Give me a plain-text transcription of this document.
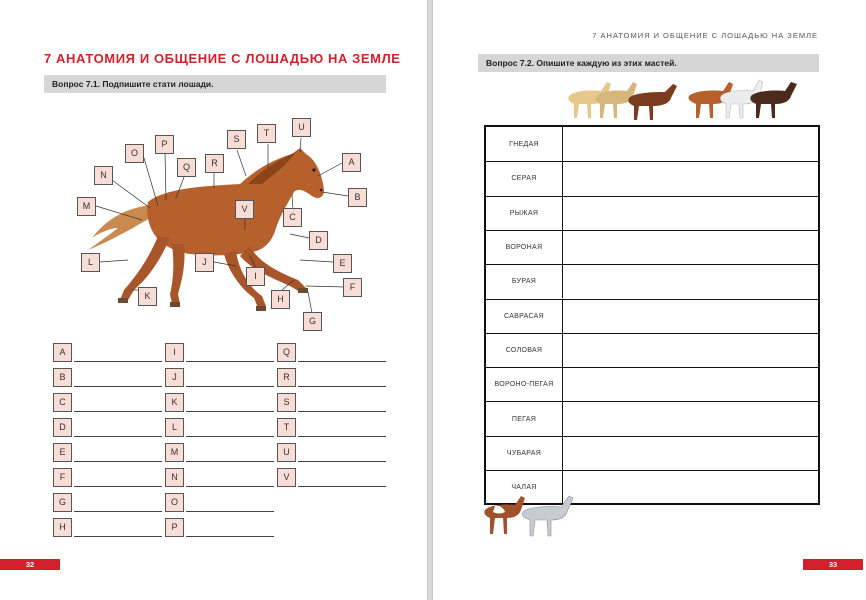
7 АНАТОМИЯ И ОБЩЕНИЕ С ЛОШАДЬЮ НА ЗЕМЛЕ
Вопрос 7.1. Подпишите стати лошади.
A
B
C
D
E
F
G
H
I
J
K
L
M
N
O
P
Q	R
S
T
U
V
A
B
C
D
E
F
G
H
I
J
K
L
M
N
O
P
Q
R
S
T
U
V
32
7 АНАТОМИЯ И ОБЩЕНИЕ С ЛОШАДЬЮ НА ЗЕМЛЕ
Вопрос 7.2. Опишите каждую из этих мастей.
ГНЕДАЯ
СЕРАЯ
РЫЖАЯ
ВОРОНАЯ
БУРАЯ
САВРАСАЯ
СОЛОВАЯ
ВОРОНО-ПЕГАЯ
ПЕГАЯ
ЧУБАРАЯ
ЧАЛАЯ
33
